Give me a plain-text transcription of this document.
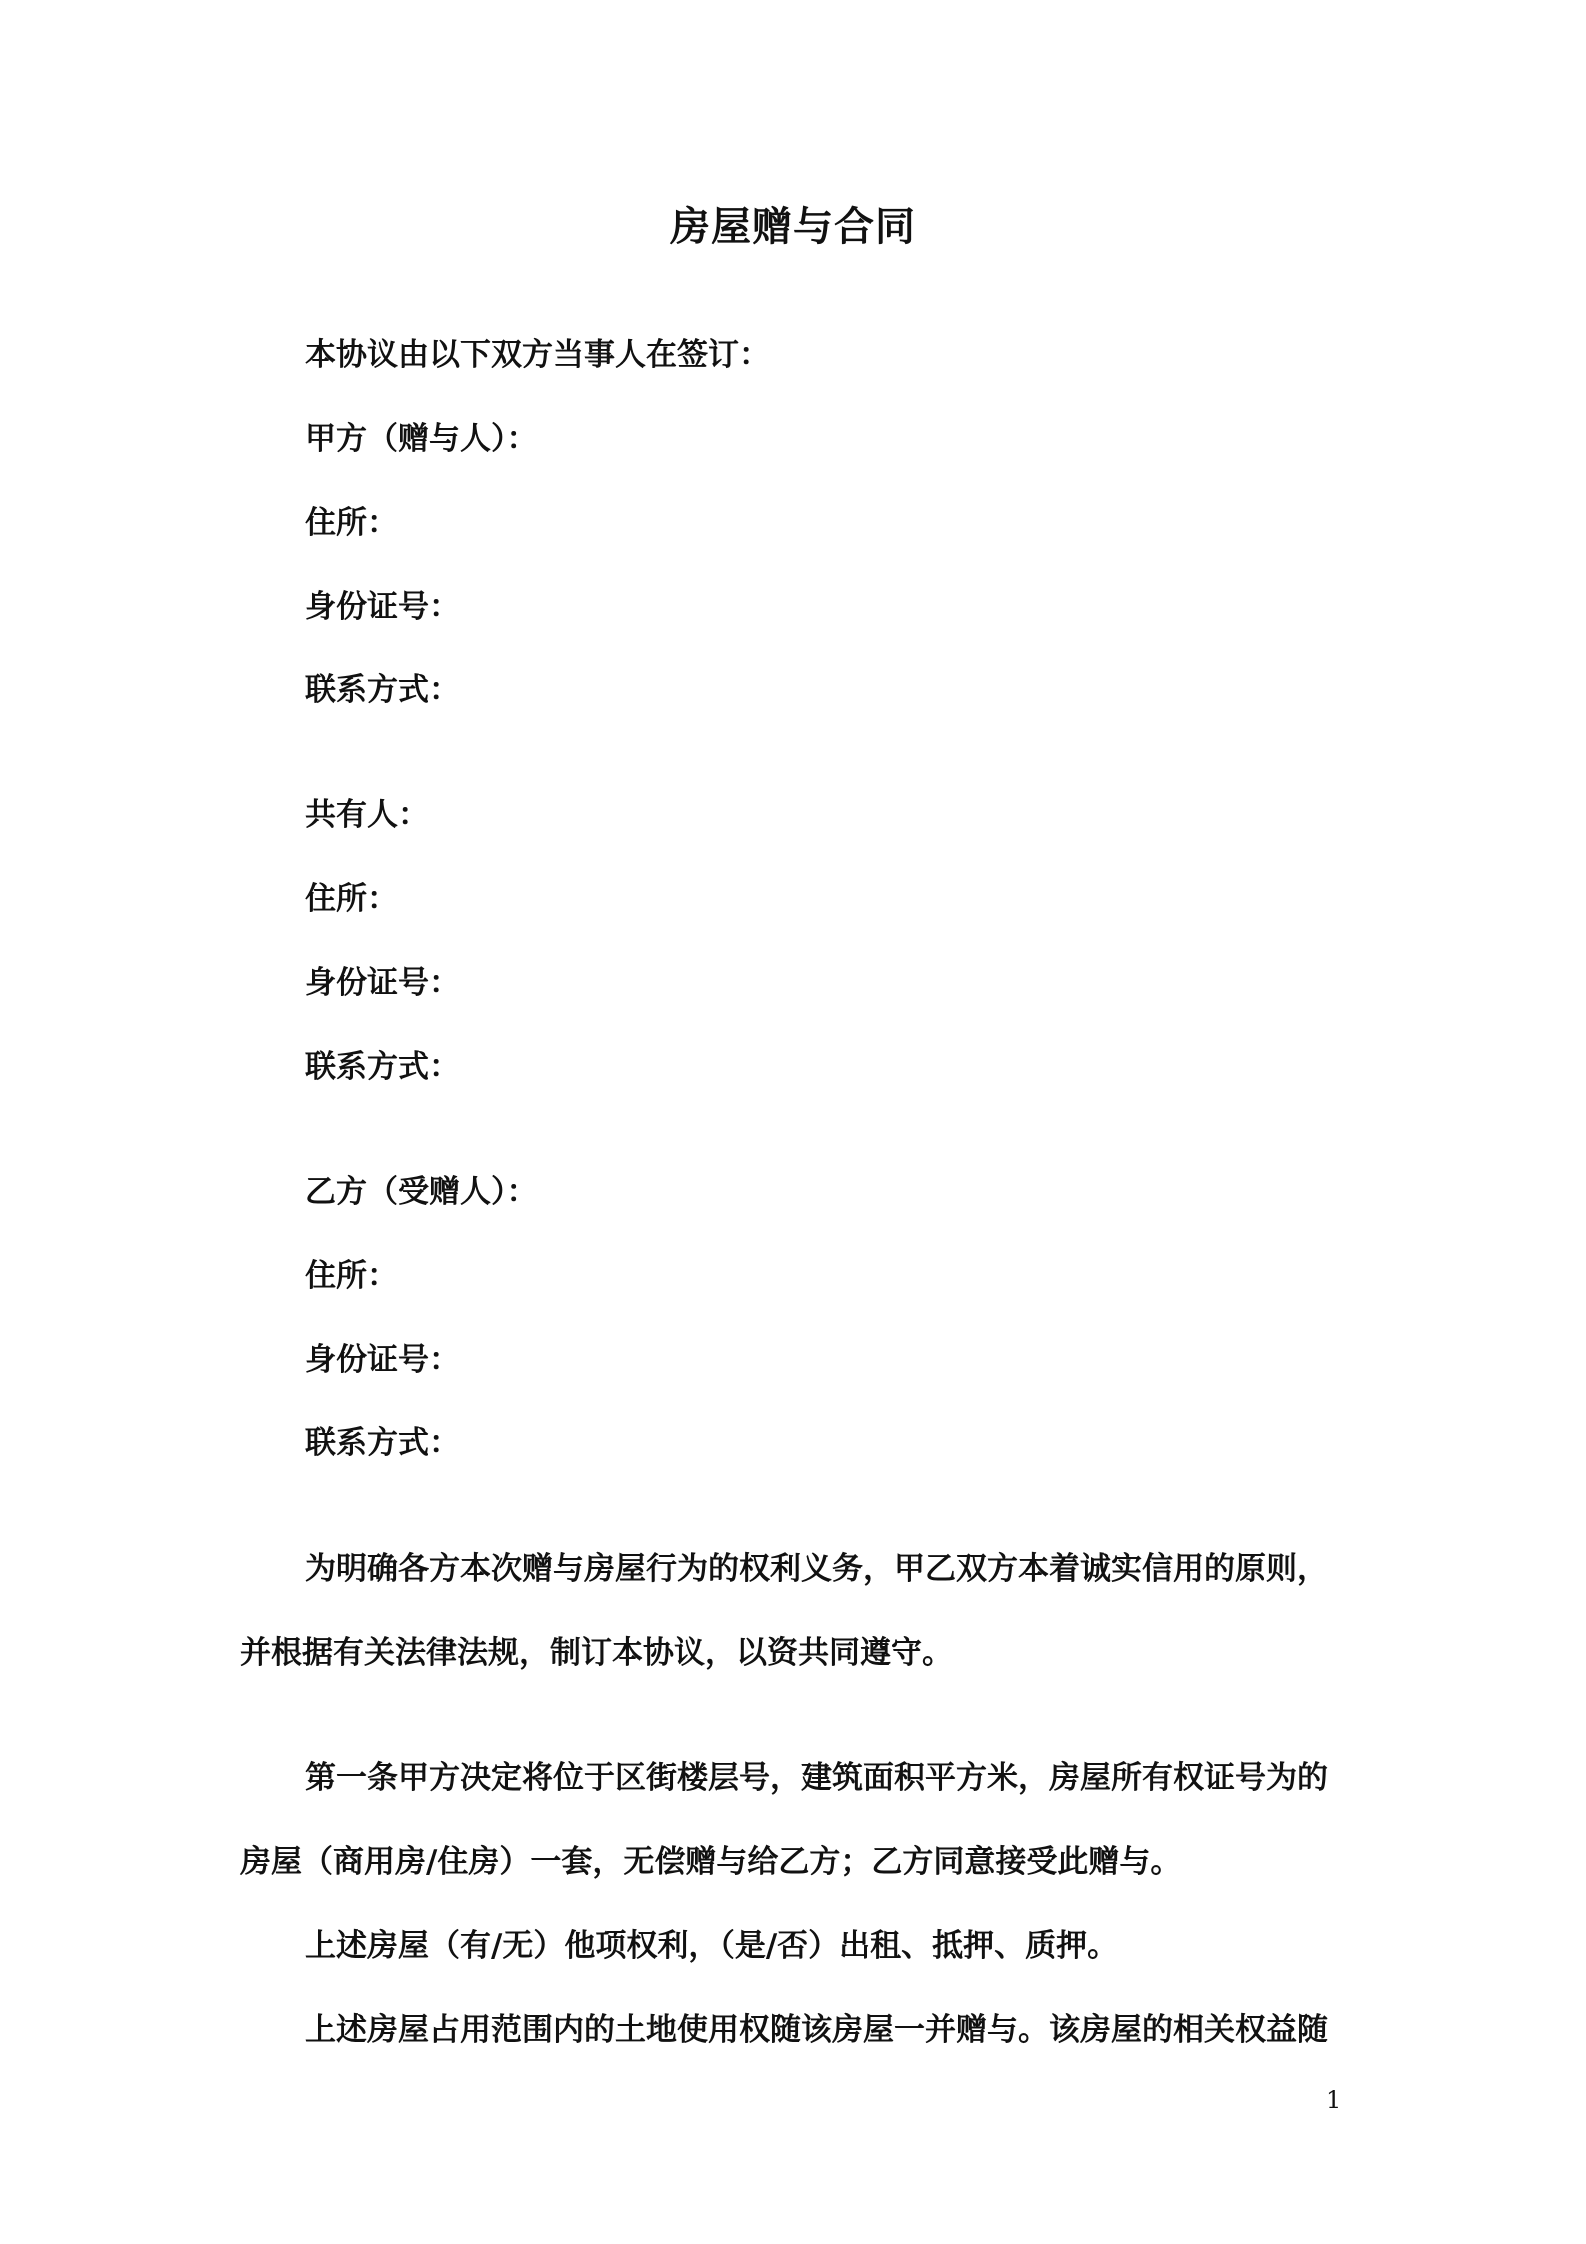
房屋赠与合同
本协议由以下双方当事人在签订：
甲方（赠与人）：
住所：
身份证号：
联系方式：
共有人：
住所：
身份证号：
联系方式：
乙方（受赠人）：
住所：
身份证号：
联系方式：
为明确各方本次赠与房屋行为的权利义务，甲乙双方本着诚实信用的原则，
并根据有关法律法规，制订本协议，以资共同遵守。
第一条甲方决定将位于区街楼层号，建筑面积平方米，房屋所有权证号为的
房屋（商用房/住房）一套，无偿赠与给乙方；乙方同意接受此赠与。
上述房屋（有/无）他项权利，（是/否）出租、抵押、质押。
上述房屋占用范围内的土地使用权随该房屋一并赠与。该房屋的相关权益随
1
